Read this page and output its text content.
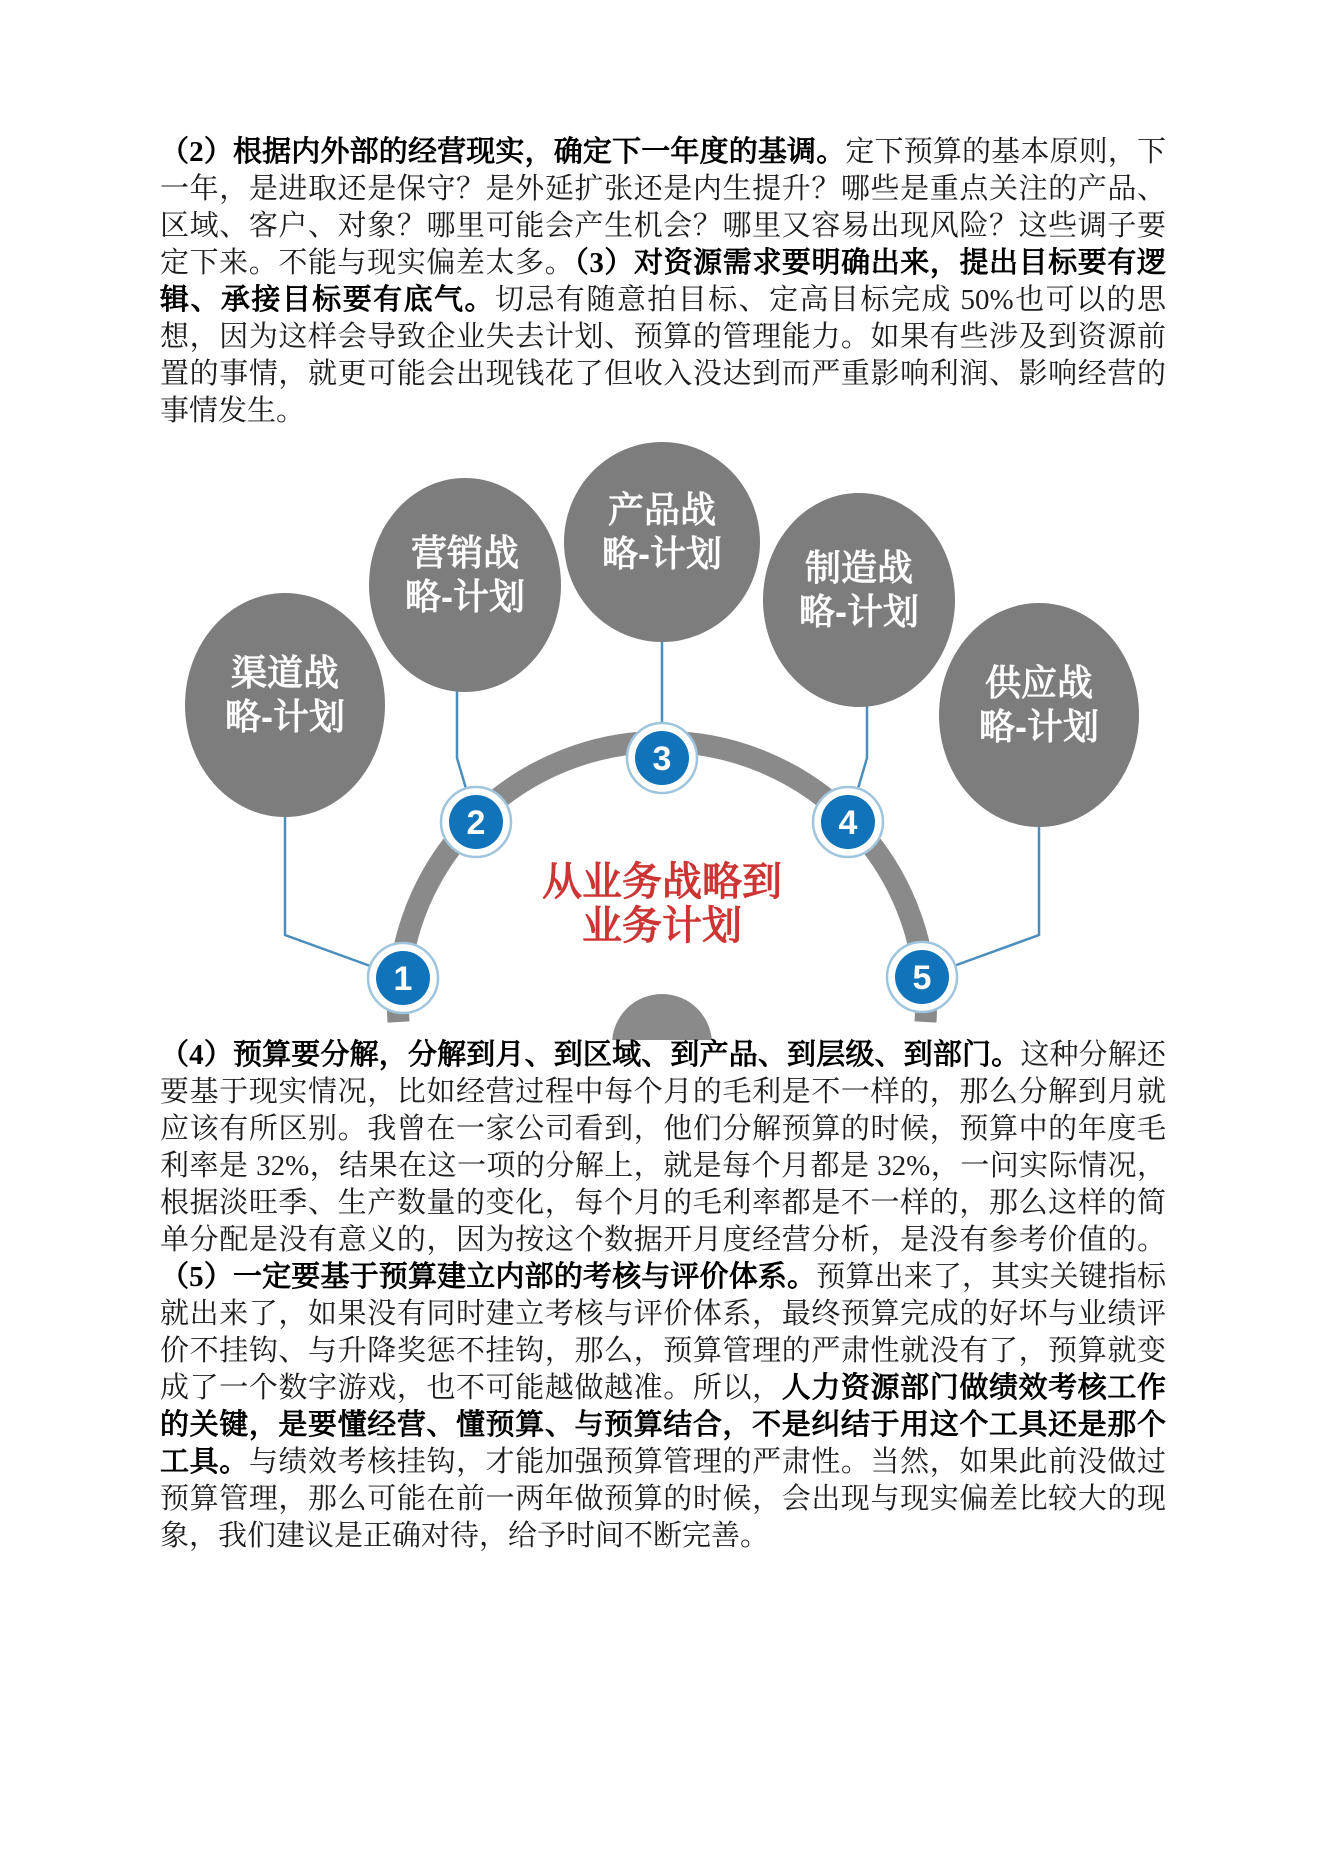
（2）根据内外部的经营现实，确定下一年度的基调。定下预算的基本原则，下一年，是进取还是保守？是外延扩张还是内生提升？哪些是重点关注的产品、区域、客户、对象？哪里可能会产生机会？哪里又容易出现风险？这些调子要定下来。不能与现实偏差太多。（3）对资源需求要明确出来，提出目标要有逻辑、承接目标要有底气。切忌有随意拍目标、定高目标完成 50%也可以的思想，因为这样会导致企业失去计划、预算的管理能力。如果有些涉及到资源前置的事情，就更可能会出现钱花了但收入没达到而严重影响利润、影响经营的事情发生。

渠道战
略-计划
营销战
略-计划
产品战
略-计划 制造战
略-计划
供应战
略-计划
1
2
3
4
5
从业务战略到
业务计划

（4）预算要分解，分解到月、到区域、到产品、到层级、到部门。这种分解还要基于现实情况，比如经营过程中每个月的毛利是不一样的，那么分解到月就应该有所区别。我曾在一家公司看到，他们分解预算的时候，预算中的年度毛利率是 32%，结果在这一项的分解上，就是每个月都是 32%，一问实际情况，根据淡旺季、生产数量的变化，每个月的毛利率都是不一样的，那么这样的简单分配是没有意义的，因为按这个数据开月度经营分析，是没有参考价值的。（5）一定要基于预算建立内部的考核与评价体系。预算出来了，其实关键指标就出来了，如果没有同时建立考核与评价体系，最终预算完成的好坏与业绩评价不挂钩、与升降奖惩不挂钩，那么，预算管理的严肃性就没有了，预算就变成了一个数字游戏，也不可能越做越准。所以，人力资源部门做绩效考核工作的关键，是要懂经营、懂预算、与预算结合，不是纠结于用这个工具还是那个工具。与绩效考核挂钩，才能加强预算管理的严肃性。当然，如果此前没做过预算管理，那么可能在前一两年做预算的时候，会出现与现实偏差比较大的现象，我们建议是正确对待，给予时间不断完善。
